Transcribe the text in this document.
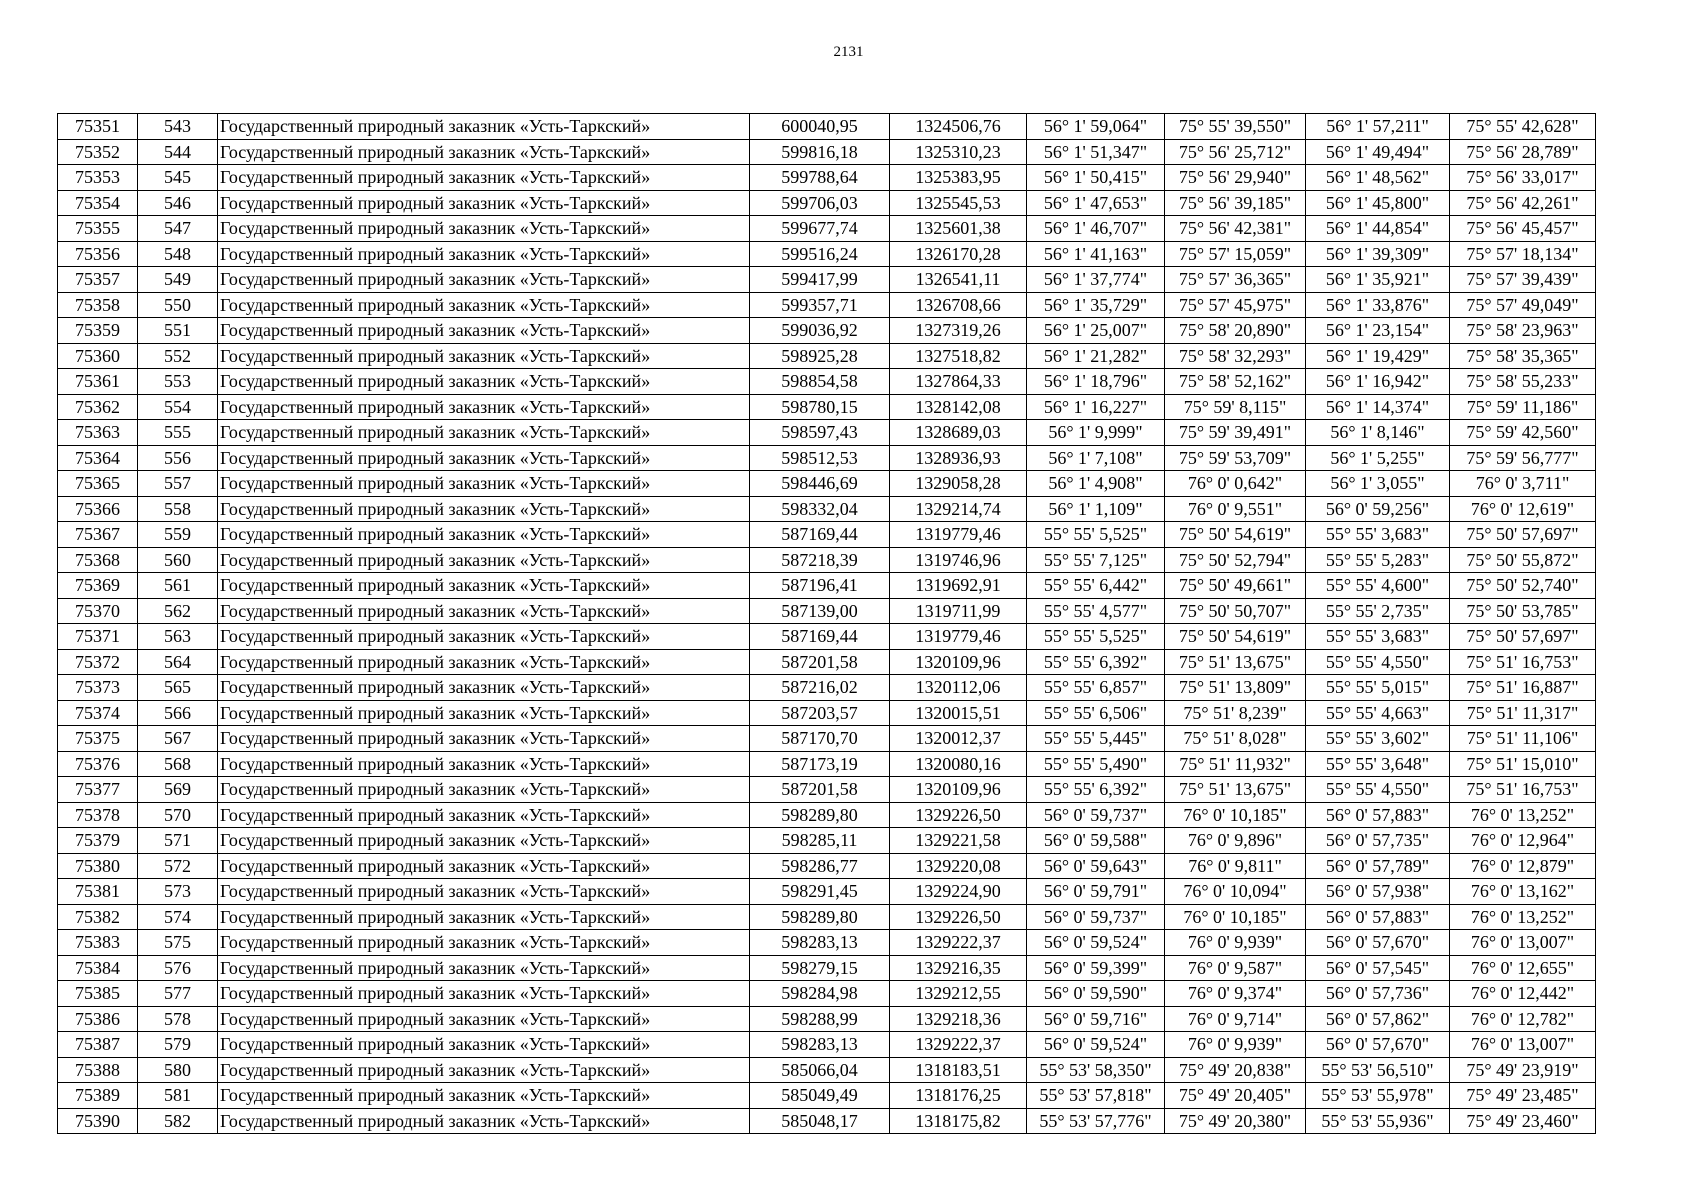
2131
75351	543	Государственный природный заказник «Усть-Таркский»	600040,95	1324506,76	56° 1' 59,064"	75° 55' 39,550"	56° 1' 57,211"	75° 55' 42,628"
75352	544	Государственный природный заказник «Усть-Таркский»	599816,18	1325310,23	56° 1' 51,347"	75° 56' 25,712"	56° 1' 49,494"	75° 56' 28,789"
75353	545	Государственный природный заказник «Усть-Таркский»	599788,64	1325383,95	56° 1' 50,415"	75° 56' 29,940"	56° 1' 48,562"	75° 56' 33,017"
75354	546	Государственный природный заказник «Усть-Таркский»	599706,03	1325545,53	56° 1' 47,653"	75° 56' 39,185"	56° 1' 45,800"	75° 56' 42,261"
75355	547	Государственный природный заказник «Усть-Таркский»	599677,74	1325601,38	56° 1' 46,707"	75° 56' 42,381"	56° 1' 44,854"	75° 56' 45,457"
75356	548	Государственный природный заказник «Усть-Таркский»	599516,24	1326170,28	56° 1' 41,163"	75° 57' 15,059"	56° 1' 39,309"	75° 57' 18,134"
75357	549	Государственный природный заказник «Усть-Таркский»	599417,99	1326541,11	56° 1' 37,774"	75° 57' 36,365"	56° 1' 35,921"	75° 57' 39,439"
75358	550	Государственный природный заказник «Усть-Таркский»	599357,71	1326708,66	56° 1' 35,729"	75° 57' 45,975"	56° 1' 33,876"	75° 57' 49,049"
75359	551	Государственный природный заказник «Усть-Таркский»	599036,92	1327319,26	56° 1' 25,007"	75° 58' 20,890"	56° 1' 23,154"	75° 58' 23,963"
75360	552	Государственный природный заказник «Усть-Таркский»	598925,28	1327518,82	56° 1' 21,282"	75° 58' 32,293"	56° 1' 19,429"	75° 58' 35,365"
75361	553	Государственный природный заказник «Усть-Таркский»	598854,58	1327864,33	56° 1' 18,796"	75° 58' 52,162"	56° 1' 16,942"	75° 58' 55,233"
75362	554	Государственный природный заказник «Усть-Таркский»	598780,15	1328142,08	56° 1' 16,227"	75° 59' 8,115"	56° 1' 14,374"	75° 59' 11,186"
75363	555	Государственный природный заказник «Усть-Таркский»	598597,43	1328689,03	56° 1' 9,999"	75° 59' 39,491"	56° 1' 8,146"	75° 59' 42,560"
75364	556	Государственный природный заказник «Усть-Таркский»	598512,53	1328936,93	56° 1' 7,108"	75° 59' 53,709"	56° 1' 5,255"	75° 59' 56,777"
75365	557	Государственный природный заказник «Усть-Таркский»	598446,69	1329058,28	56° 1' 4,908"	76° 0' 0,642"	56° 1' 3,055"	76° 0' 3,711"
75366	558	Государственный природный заказник «Усть-Таркский»	598332,04	1329214,74	56° 1' 1,109"	76° 0' 9,551"	56° 0' 59,256"	76° 0' 12,619"
75367	559	Государственный природный заказник «Усть-Таркский»	587169,44	1319779,46	55° 55' 5,525"	75° 50' 54,619"	55° 55' 3,683"	75° 50' 57,697"
75368	560	Государственный природный заказник «Усть-Таркский»	587218,39	1319746,96	55° 55' 7,125"	75° 50' 52,794"	55° 55' 5,283"	75° 50' 55,872"
75369	561	Государственный природный заказник «Усть-Таркский»	587196,41	1319692,91	55° 55' 6,442"	75° 50' 49,661"	55° 55' 4,600"	75° 50' 52,740"
75370	562	Государственный природный заказник «Усть-Таркский»	587139,00	1319711,99	55° 55' 4,577"	75° 50' 50,707"	55° 55' 2,735"	75° 50' 53,785"
75371	563	Государственный природный заказник «Усть-Таркский»	587169,44	1319779,46	55° 55' 5,525"	75° 50' 54,619"	55° 55' 3,683"	75° 50' 57,697"
75372	564	Государственный природный заказник «Усть-Таркский»	587201,58	1320109,96	55° 55' 6,392"	75° 51' 13,675"	55° 55' 4,550"	75° 51' 16,753"
75373	565	Государственный природный заказник «Усть-Таркский»	587216,02	1320112,06	55° 55' 6,857"	75° 51' 13,809"	55° 55' 5,015"	75° 51' 16,887"
75374	566	Государственный природный заказник «Усть-Таркский»	587203,57	1320015,51	55° 55' 6,506"	75° 51' 8,239"	55° 55' 4,663"	75° 51' 11,317"
75375	567	Государственный природный заказник «Усть-Таркский»	587170,70	1320012,37	55° 55' 5,445"	75° 51' 8,028"	55° 55' 3,602"	75° 51' 11,106"
75376	568	Государственный природный заказник «Усть-Таркский»	587173,19	1320080,16	55° 55' 5,490"	75° 51' 11,932"	55° 55' 3,648"	75° 51' 15,010"
75377	569	Государственный природный заказник «Усть-Таркский»	587201,58	1320109,96	55° 55' 6,392"	75° 51' 13,675"	55° 55' 4,550"	75° 51' 16,753"
75378	570	Государственный природный заказник «Усть-Таркский»	598289,80	1329226,50	56° 0' 59,737"	76° 0' 10,185"	56° 0' 57,883"	76° 0' 13,252"
75379	571	Государственный природный заказник «Усть-Таркский»	598285,11	1329221,58	56° 0' 59,588"	76° 0' 9,896"	56° 0' 57,735"	76° 0' 12,964"
75380	572	Государственный природный заказник «Усть-Таркский»	598286,77	1329220,08	56° 0' 59,643"	76° 0' 9,811"	56° 0' 57,789"	76° 0' 12,879"
75381	573	Государственный природный заказник «Усть-Таркский»	598291,45	1329224,90	56° 0' 59,791"	76° 0' 10,094"	56° 0' 57,938"	76° 0' 13,162"
75382	574	Государственный природный заказник «Усть-Таркский»	598289,80	1329226,50	56° 0' 59,737"	76° 0' 10,185"	56° 0' 57,883"	76° 0' 13,252"
75383	575	Государственный природный заказник «Усть-Таркский»	598283,13	1329222,37	56° 0' 59,524"	76° 0' 9,939"	56° 0' 57,670"	76° 0' 13,007"
75384	576	Государственный природный заказник «Усть-Таркский»	598279,15	1329216,35	56° 0' 59,399"	76° 0' 9,587"	56° 0' 57,545"	76° 0' 12,655"
75385	577	Государственный природный заказник «Усть-Таркский»	598284,98	1329212,55	56° 0' 59,590"	76° 0' 9,374"	56° 0' 57,736"	76° 0' 12,442"
75386	578	Государственный природный заказник «Усть-Таркский»	598288,99	1329218,36	56° 0' 59,716"	76° 0' 9,714"	56° 0' 57,862"	76° 0' 12,782"
75387	579	Государственный природный заказник «Усть-Таркский»	598283,13	1329222,37	56° 0' 59,524"	76° 0' 9,939"	56° 0' 57,670"	76° 0' 13,007"
75388	580	Государственный природный заказник «Усть-Таркский»	585066,04	1318183,51	55° 53' 58,350"	75° 49' 20,838"	55° 53' 56,510"	75° 49' 23,919"
75389	581	Государственный природный заказник «Усть-Таркский»	585049,49	1318176,25	55° 53' 57,818"	75° 49' 20,405"	55° 53' 55,978"	75° 49' 23,485"
75390	582	Государственный природный заказник «Усть-Таркский»	585048,17	1318175,82	55° 53' 57,776"	75° 49' 20,380"	55° 53' 55,936"	75° 49' 23,460"
